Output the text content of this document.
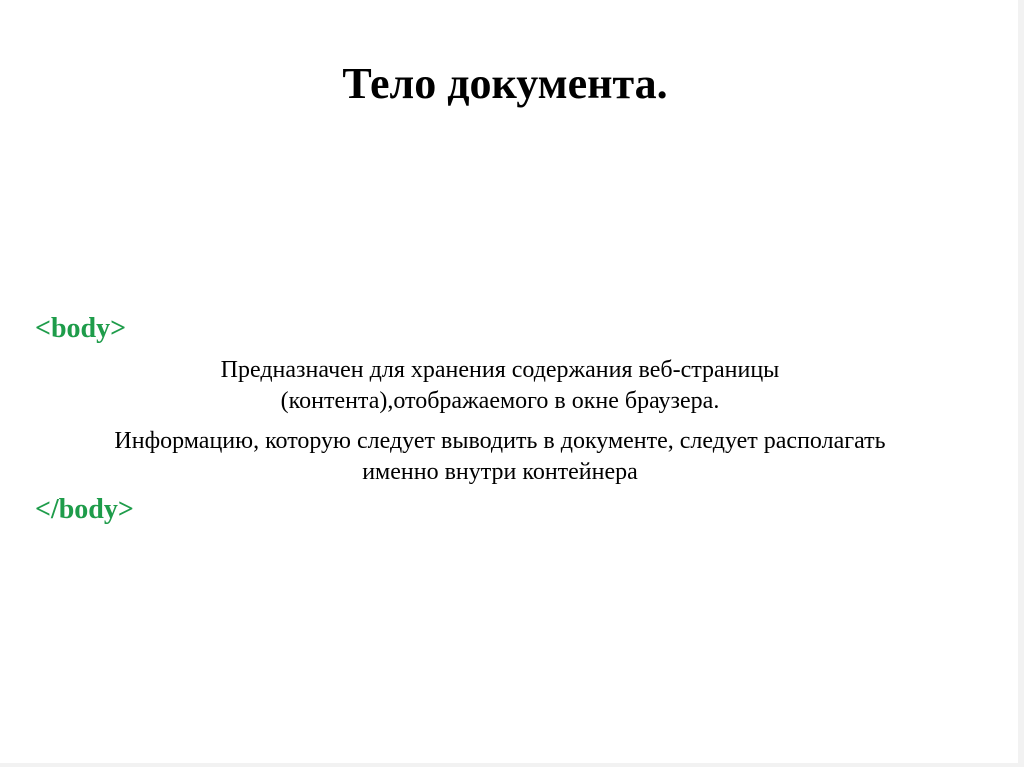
Тело документа.
<body>
Предназначен для хранения содержания веб-страницы
(контента),отображаемого в окне браузера.
Информацию, которую следует выводить в документе, следует располагать
именно внутри контейнера
</body>
